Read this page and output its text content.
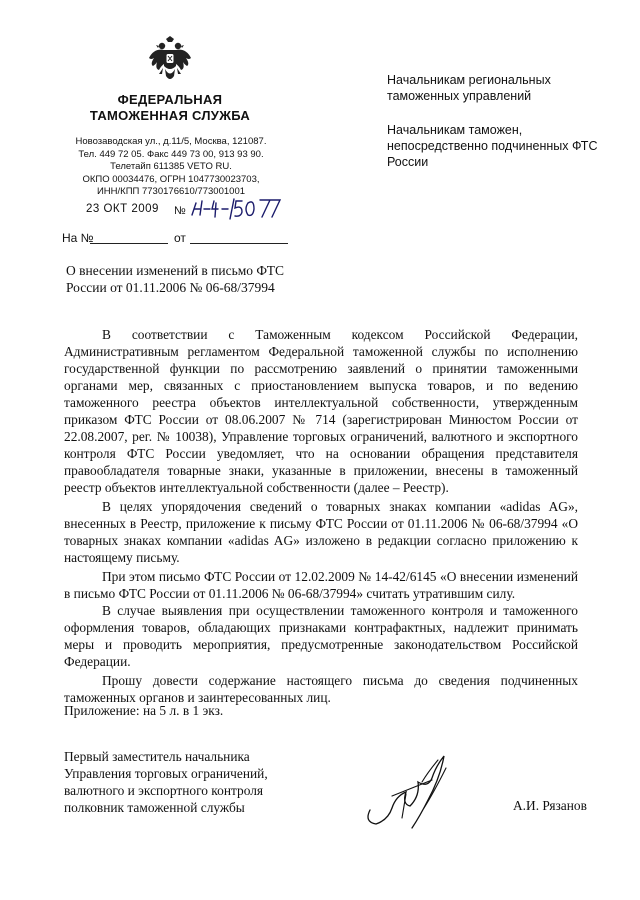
ФЕДЕРАЛЬНАЯ
ТАМОЖЕННАЯ СЛУЖБА
Новозаводская ул., д.11/5, Москва, 121087.
Тел. 449 72 05. Факс 449 73 00, 913 93 90.
Телетайп 611385 VETO RU.
ОКПО 00034476, ОГРН 1047730023703,
ИНН/КПП 7730176610/773001001
23 ОКТ 2009 №
На №	от
О внесении изменений в письмо ФТС России от 01.11.2006 № 06-68/37994

Начальникам региональных таможенных управлений

Начальникам таможен, непосредственно подчиненных ФТС России

В соответствии с Таможенным кодексом Российской Федерации, Административным регламентом Федеральной таможенной службы по исполнению государственной функции по рассмотрению заявлений о принятии таможенными органами мер, связанных с приостановлением выпуска товаров, и по ведению таможенного реестра объектов интеллектуальной собственности, утвержденным приказом ФТС России от 08.06.2007 № 714 (зарегистрирован Минюстом России от 22.08.2007, рег. № 10038), Управление торговых ограничений, валютного и экспортного контроля ФТС России уведомляет, что на основании обращения представителя правообладателя товарные знаки, указанные в приложении, внесены в таможенный реестр объектов интеллектуальной собственности (далее – Реестр).

В целях упорядочения сведений о товарных знаках компании «adidas AG», внесенных в Реестр, приложение к письму ФТС России от 01.11.2006 № 06-68/37994 «О товарных знаках компании «adidas AG» изложено в редакции согласно приложению к настоящему письму.

При этом письмо ФТС России от 12.02.2009 № 14-42/6145 «О внесении изменений в письмо ФТС России от 01.11.2006 № 06-68/37994» считать утратившим силу.

В случае выявления при осуществлении таможенного контроля и таможенного оформления товаров, обладающих признаками контрафактных, надлежит принимать меры и проводить мероприятия, предусмотренные законодательством Российской Федерации.

Прошу довести содержание настоящего письма до сведения подчиненных таможенных органов и заинтересованных лиц.

Приложение: на 5 л. в 1 экз.
Первый заместитель начальника
Управления торговых ограничений,
валютного и экспортного контроля
полковник таможенной службы	А.И. Рязанов
